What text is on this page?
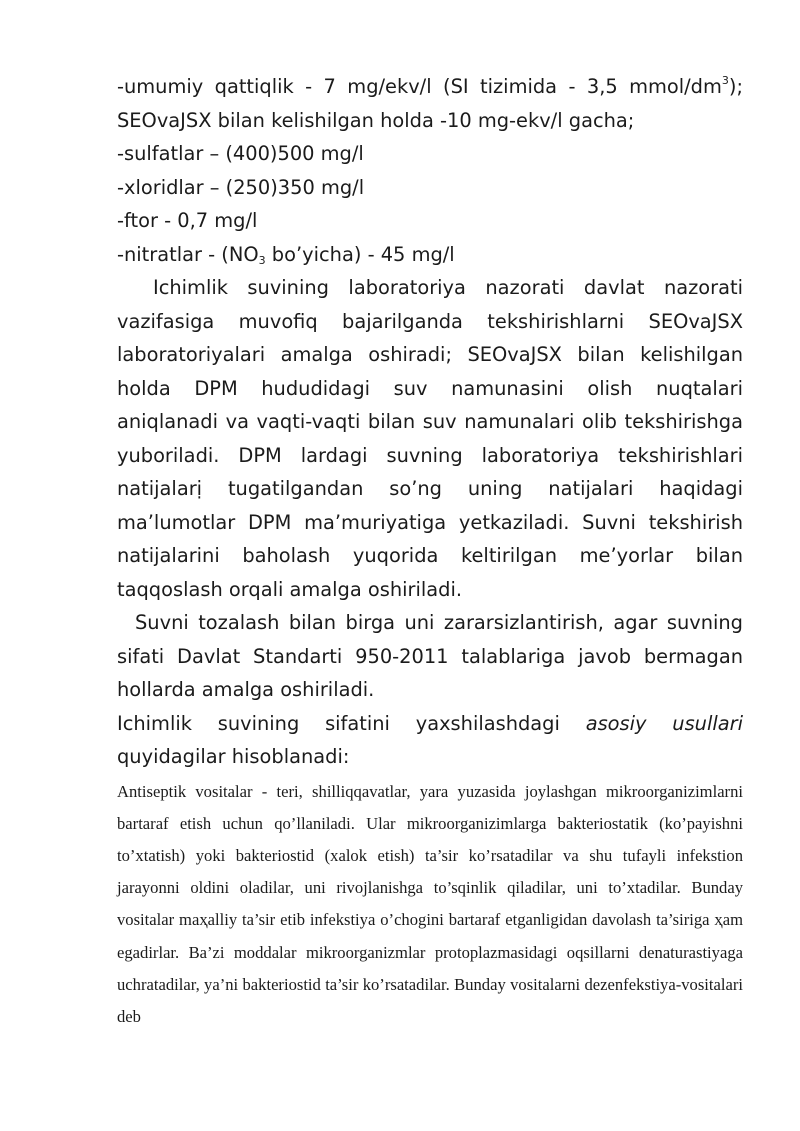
-umumiy qattiqlik - 7 mg/ekv/l (SI tizimida - 3,5 mmol/$dm^3$);
SEOvaJSX bilan kelishilgan holda -10 mg-ekv/l gacha;
-sulfatlar – (400)500 mg/l
-xloridlar – (250)350 mg/l
-ftor - 0,7 mg/l
-nitratlar - ($NO_3$ bo’yicha) - 45 mg/l

Ichimlik suvining laboratoriya nazorati davlat nazorati vazifasiga muvofiq bajarilganda tekshirishlarni SEOvaJSX laboratoriyalari amalga oshiradi; SEOvaJSX bilan kelishilgan holda DPM hududidagi suv namunasini olish nuqtalari aniqlanadi va vaqti-vaqti bilan suv namunalari olib tekshirishga yuboriladi. DPM lardagi suvning laboratoriya tekshirishlari natijalarị tugatilgandan so’ng uning natijalari haqidagi ma’lumotlar DPM ma’muriyatiga yetkaziladi. Suvni tekshirish natijalarini baholash yuqorida keltirilgan me’yorlar bilan taqqoslash orqali amalga oshiriladi.

Suvni tozalash bilan birga uni zararsizlantirish, agar suvning sifati Davlat Standarti 950-2011 talablariga javob bermagan hollarda amalga oshiriladi.

Ichimlik suvining sifatini yaxshilashdagi asosiy usullari quyidagilar hisoblanadi:

Antiseptik vositalar - teri, shilliqqavatlar, yara yuzasida joylashgan mikroorganizimlarni bartaraf etish uchun qo’llaniladi. Ular mikroorganizimlarga bakteriostatik (ko’payishni to’xtatish) yoki bakteriostid (xalok etish) ta’sir ko’rsatadilar va shu tufayli infekstion jarayonni oldini oladilar, uni rivojlanishga to’sqinlik qiladilar, uni to’xtadilar. Bunday vositalar maҳalliy ta’sir etib infekstiya o’chogini bartaraf etganligidan davolash ta’siriga ҳam egadirlar. Ba’zi moddalar mikroorganizmlar protoplazmasidagi oqsillarni denaturastiyaga uchratadilar, ya’ni bakteriostid ta’sir ko’rsatadilar. Bunday vositalarni dezenfekstiya-vositalari deb
